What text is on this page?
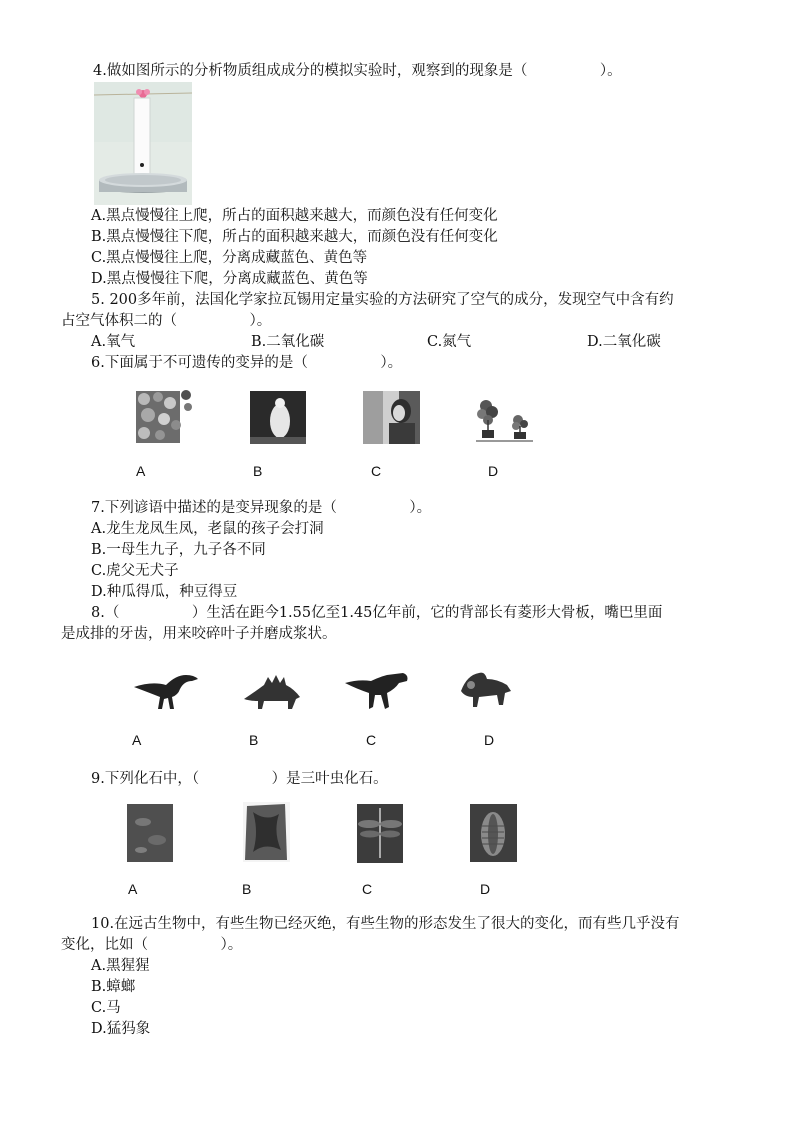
4.做如图所示的分析物质组成成分的模拟实验时，观察到的现象是（　　　　　）。
A.黑点慢慢往上爬，所占的面积越来越大，而颜色没有任何变化
B.黑点慢慢往下爬，所占的面积越来越大，而颜色没有任何变化
C.黑点慢慢往上爬，分离成藏蓝色、黄色等
D.黑点慢慢往下爬，分离成藏蓝色、黄色等
5. 200多年前，法国化学家拉瓦锡用定量实验的方法研究了空气的成分，发现空气中含有约
占空气体积二的（　　　　　）。
A.氧气	B.二氧化碳	C.氮气	D.二氧化碳
6.下面属于不可遗传的变异的是（　　　　　）。
A	B	C	D
7.下列谚语中描述的是变异现象的是（　　　　　）。
A.龙生龙凤生凤，老鼠的孩子会打洞
B.一母生九子，九子各不同
C.虎父无犬子
D.种瓜得瓜，种豆得豆
8.（　　　　　）生活在距今1.55亿至1.45亿年前，它的背部长有菱形大骨板，嘴巴里面
是成排的牙齿，用来咬碎叶子并磨成浆状。
A	B	C	D
9.下列化石中，（　　　　　）是三叶虫化石。
A	B	C	D
10.在远古生物中，有些生物已经灭绝，有些生物的形态发生了很大的变化，而有些几乎没有
变化，比如（　　　　　）。
A.黑猩猩
B.蟑螂
C.马
D.猛犸象
